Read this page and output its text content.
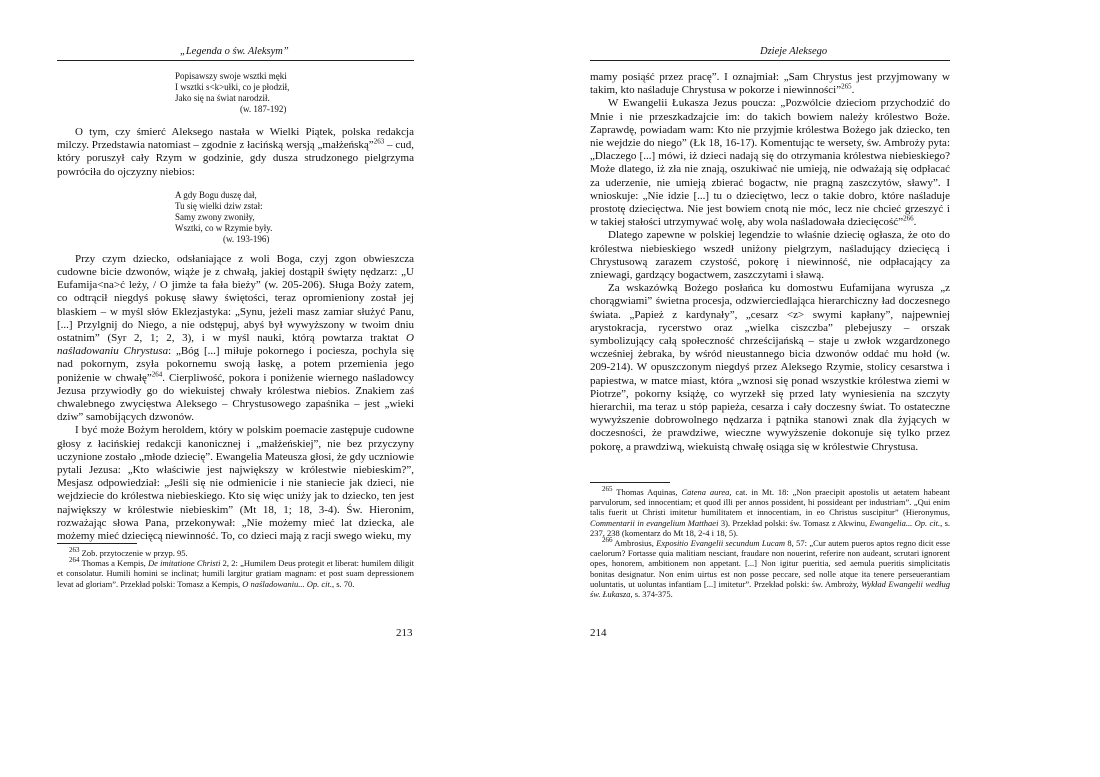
„Legenda o św. Aleksym”
Popisawszy swoje wsztki męki
I wsztki s<k>ułki, co je płodził,
Jako się na świat narodził.
(w. 187-192)

O tym, czy śmierć Aleksego nastała w Wielki Piątek, polska redakcja milczy. Przedstawia natomiast – zgodnie z łacińską wersją „małżeńską”$^{263}$ – cud, który poruszył cały Rzym w godzinie, gdy dusza strudzonego pielgrzyma powróciła do ojczyzny niebios:

A gdy Bogu duszę dał,
Tu się wielki dziw zstał:
Samy zwony zwoniły,
Wsztki, co w Rzymie były.
(w. 193-196)

Przy czym dziecko, odsłaniające z woli Boga, czyj zgon obwieszcza cudowne bicie dzwonów, wiąże je z chwałą, jakiej dostąpił święty nędzarz: „U Eufamija<na>ć leży, / O jimże ta fała bieży” (w. 205-206). Sługa Boży zatem, co odtrącił niegdyś pokusę sławy świętości, teraz opromieniony został jej blaskiem – w myśl słów Eklezjastyka: „Synu, jeżeli masz zamiar służyć Panu, [...] Przylgnij do Niego, a nie odstępuj, abyś był wywyższony w twoim dniu ostatnim” (Syr 2, 1; 2, 3), i w myśl nauki, którą powtarza traktat O naśladowaniu Chrystusa: „Bóg [...] miłuje pokornego i pociesza, pochyla się nad pokornym, zsyła pokornemu swoją łaskę, a potem przemienia jego poniżenie w chwałę”$^{264}$. Cierpliwość, pokora i poniżenie wiernego naśladowcy Jezusa przywiodły go do wiekuistej chwały królestwa niebios. Znakiem zaś chwalebnego zwycięstwa Aleksego – Chrystusowego zapaśnika – jest „wieki dziw” samobijących dzwonów.

I być może Bożym heroldem, który w polskim poemacie zastępuje cudowne głosy z łacińskiej redakcji kanonicznej i „małżeńskiej”, nie bez przyczyny uczynione zostało „młode dziecię”. Ewangelia Mateusza głosi, że gdy uczniowie pytali Jezusa: „Kto właściwie jest największy w królestwie niebieskim?”, Mesjasz odpowiedział: „Jeśli się nie odmienicie i nie staniecie jak dzieci, nie wejdziecie do królestwa niebieskiego. Kto się więc uniży jak to dziecko, ten jest największy w królestwie niebieskim” (Mt 18, 1; 18, 3-4). Św. Hieronim, rozważając słowa Pana, przekonywał: „Nie możemy mieć lat dziecka, ale możemy mieć dziecięcą niewinność. To, co dzieci mają z racji swego wieku, my

$^{263}$ Zob. przytoczenie w przyp. 95.

$^{264}$ Thomas a Kempis, De imitatione Christi 2, 2: „Humilem Deus protegit et liberat: humilem diligit et consolatur. Humili homini se inclinat; humili largitur gratiam magnam: et post suam depressionem levat ad gloriam”. Przekład polski: Tomasz a Kempis, O naśladowaniu... Op. cit., s. 70.

213
Dzieje Aleksego

mamy posiąść przez pracę”. I oznajmiał: „Sam Chrystus jest przyjmowany w takim, kto naśladuje Chrystusa w pokorze i niewinności”$^{265}$.

W Ewangelii Łukasza Jezus poucza: „Pozwólcie dzieciom przychodzić do Mnie i nie przeszkadzajcie im: do takich bowiem należy królestwo Boże. Zaprawdę, powiadam wam: Kto nie przyjmie królestwa Bożego jak dziecko, ten nie wejdzie do niego” (Łk 18, 16-17). Komentując te wersety, św. Ambroży pyta: „Dlaczego [...] mówi, iż dzieci nadają się do otrzymania królestwa niebieskiego? Może dlatego, iż zła nie znają, oszukiwać nie umieją, nie odważają się odpłacać za uderzenie, nie umieją zbierać bogactw, nie pragną zaszczytów, sławy”. I wnioskuje: „Nie idzie [...] tu o dzieciętwo, lecz o takie dobro, które naśladuje prostotę dziecięctwa. Nie jest bowiem cnotą nie móc, lecz nie chcieć grzeszyć i w takiej stałości utrzymywać wolę, aby wola naśladowała dziecięcość”$^{266}$.

Dlatego zapewne w polskiej legendzie to właśnie dziecię ogłasza, że oto do królestwa niebieskiego wszedł uniżony pielgrzym, naśladujący dziecięcą i Chrystusową zarazem czystość, pokorę i niewinność, nie odpłacający za zniewagi, gardzący bogactwem, zaszczytami i sławą.

Za wskazówką Bożego posłańca ku domostwu Eufamijana wyrusza „z chorągwiami” świetna procesja, odzwierciedlająca hierarchiczny ład doczesnego świata. „Papież z kardynały”, „cesarz <z> swymi kapłany”, najpewniej arystokracja, rycerstwo oraz „wielka ciszczba” plebejuszy – orszak symbolizujący całą społeczność chrześcijańską – staje u zwłok wzgardzonego wcześniej żebraka, by wśród nieustannego bicia dzwonów oddać mu hołd (w. 209-214). W opuszczonym niegdyś przez Aleksego Rzymie, stolicy cesarstwa i papiestwa, w matce miast, która „wznosi się ponad wszystkie królestwa ziemi w Piotrze”, pokorny książę, co wyrzekł się przed laty wyniesienia na szczyty hierarchii, ma teraz u stóp papieża, cesarza i cały doczesny świat. To ostateczne wywyższenie dobrowolnego nędzarza i pątnika stanowi znak dla żyjących w doczesności, że prawdziwe, wieczne wywyższenie dokonuje się tylko przez pokorę, a prawdziwą, wiekuistą chwałę osiąga się w królestwie Chrystusa.

$^{265}$ Thomas Aquinas, Catena aurea, cat. in Mt. 18: „Non praecipit apostolis ut aetatem habeant parvulorum, sed innocentiam; et quod illi per annos possident, hi possideant per industriam”. „Qui enim talis fuerit ut Christi imitetur humilitatem et innocentiam, in eo Christus suscipitur” (Hieronymus, Commentarii in evangelium Matthaei 3). Przekład polski: św. Tomasz z Akwinu, Ewangelia... Op. cit., s. 237, 238 (komentarz do Mt 18, 2-4 i 18, 5).

$^{266}$ Ambrosius, Expositio Evangelii secundum Lucam 8, 57: „Cur autem pueros aptos regno dicit esse caelorum? Fortasse quia malitiam nesciant, fraudare non nouerint, referire non audeant, scrutari ignorent opes, honorem, ambitionem non appetant. [...] Non igitur pueritia, sed aemula pueritis simplicitatis bonitas designatur. Non enim uirtus est non posse peccare, sed nolle atque ita tenere perseuerantiam uoluntatis, ut uoluntas infantiam [...] imitetur”. Przekład polski: św. Ambroży, Wykład Ewangelii według św. Łukasza, s. 374-375.

214
